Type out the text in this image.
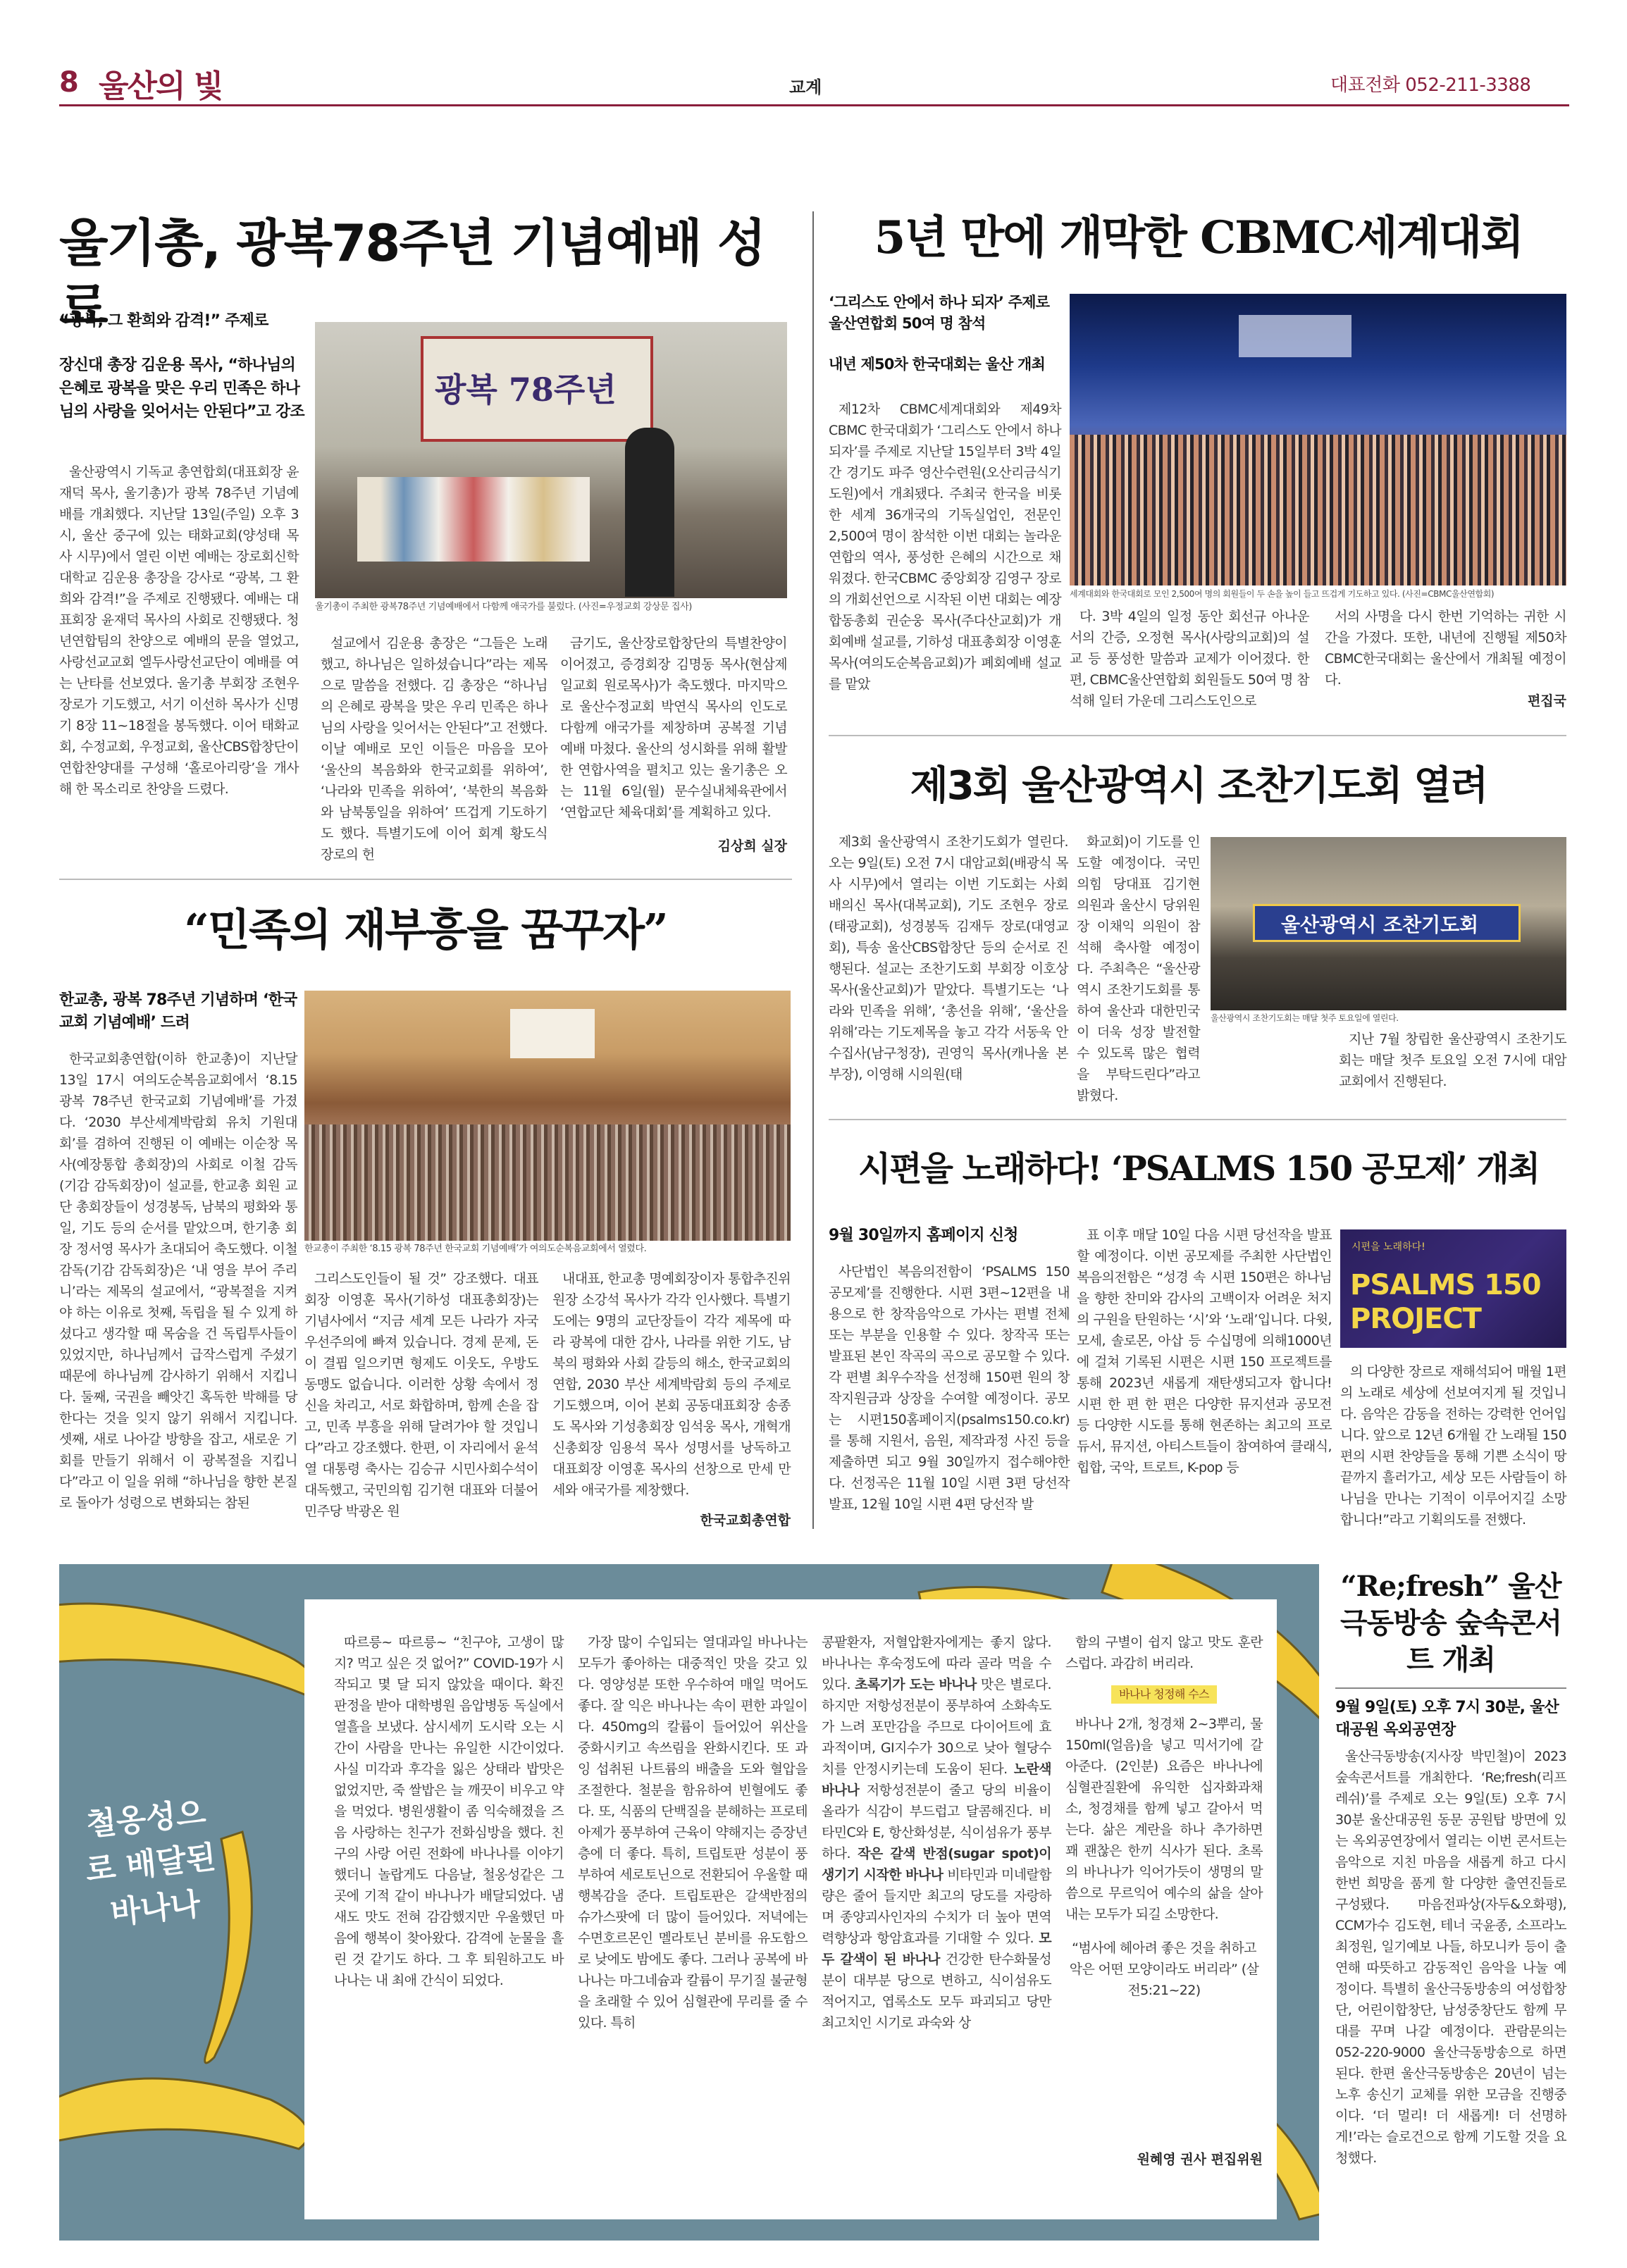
8 울산의 빛	교계	대표전화 052-211-3388
울기총, 광복78주년 기념예배 성료
“광복, 그 환희와 감격!” 주제로
장신대 총장 김운용 목사, “하나님의 은혜로 광복을 맞은 우리 민족은 하나님의 사랑을 잊어서는 안된다”고 강조
광복 78주년
울기총이 주최한 광복78주년 기념예배에서 다함께 애국가를 불렀다. (사진=우정교회 강상문 집사)

울산광역시 기독교 총연합회(대표회장 윤재덕 목사, 울기총)가 광복 78주년 기념예배를 개최했다. 지난달 13일(주일) 오후 3시, 울산 중구에 있는 태화교회(양성태 목사 시무)에서 열린 이번 예배는 장로회신학대학교 김운용 총장을 강사로 “광복, 그 환희와 감격!”을 주제로 진행됐다. 예배는 대표회장 윤재덕 목사의 사회로 진행됐다. 청년연합팀의 찬양으로 예배의 문을 열었고, 사랑선교교회 엘두사랑선교단이 예배를 여는 난타를 선보였다. 울기총 부회장 조현우 장로가 기도했고, 서기 이선하 목사가 신명기 8장 11~18절을 봉독했다. 이어 태화교회, 수정교회, 우정교회, 울산CBS합창단이 연합찬양대를 구성해 ‘홀로아리랑’을 개사해 한 목소리로 찬양을 드렸다.

설교에서 김운용 총장은 “그들은 노래했고, 하나님은 일하셨습니다”라는 제목으로 말씀을 전했다. 김 총장은 “하나님의 은혜로 광복을 맞은 우리 민족은 하나님의 사랑을 잊어서는 안된다”고 전했다. 이날 예배로 모인 이들은 마음을 모아 ‘울산의 복음화와 한국교회를 위하여’, ‘나라와 민족을 위하여’, ‘북한의 복음화와 남북통일을 위하여’ 뜨겁게 기도하기도 했다. 특별기도에 이어 회계 황도식 장로의 헌

금기도, 울산장로합창단의 특별찬양이 이어졌고, 증경회장 김명동 목사(현삼제일교회 원로목사)가 축도했다. 마지막으로 울산수정교회 박연식 목사의 인도로 다함께 애국가를 제창하며 공복절 기념예배 마쳤다. 울산의 성시화를 위해 활발한 연합사역을 펼치고 있는 울기총은 오는 11월 6일(월) 문수실내체육관에서 ‘연합교단 체육대회’를 계획하고 있다.

김상희 실장
“민족의 재부흥을 꿈꾸자”
한교총, 광복 78주년 기념하며 ‘한국교회 기념예배’ 드려
한교총이 주최한 ‘8.15 광복 78주년 한국교회 기념예배’가 여의도순복음교회에서 열렸다.

한국교회총연합(이하 한교총)이 지난달 13일 17시 여의도순복음교회에서 ‘8.15 광복 78주년 한국교회 기념예배’를 가졌다. ‘2030 부산세계박람회 유치 기원대회’를 겸하여 진행된 이 예배는 이순창 목사(예장통합 총회장)의 사회로 이철 감독(기감 감독회장)이 설교를, 한교총 회원 교단 총회장들이 성경봉독, 남북의 평화와 통일, 기도 등의 순서를 맡았으며, 한기총 회장 정서영 목사가 초대되어 축도했다. 이철 감독(기감 감독회장)은 ‘내 영을 부어 주리니’라는 제목의 설교에서, “광복절을 지켜야 하는 이유로 첫째, 독립을 될 수 있게 하셨다고 생각할 때 목숨을 건 독립투사들이 있었지만, 하나님께서 급작스럽게 주셨기 때문에 하나님께 감사하기 위해서 지킵니다. 둘째, 국권을 빼앗긴 혹독한 박해를 당한다는 것을 잊지 않기 위해서 지킵니다. 셋째, 새로 나아갈 방향을 잡고, 새로운 기회를 만들기 위해서 이 광복절을 지킵니다”라고 이 일을 위해 “하나님을 향한 본질로 돌아가 성령으로 변화되는 참된

그리스도인들이 될 것” 강조했다. 대표회장 이영훈 목사(기하성 대표총회장)는 기념사에서 “지금 세계 모든 나라가 자국 우선주의에 빠져 있습니다. 경제 문제, 돈이 결핍 일으키면 형제도 이웃도, 우방도 동맹도 없습니다. 이러한 상황 속에서 정신을 차리고, 서로 화합하며, 함께 손을 잡고, 민족 부흥을 위해 달려가야 할 것입니다”라고 강조했다. 한편, 이 자리에서 윤석열 대통령 축사는 김승규 시민사회수석이 대독했고, 국민의힘 김기현 대표와 더불어민주당 박광온 원

내대표, 한교총 명예회장이자 통합추진위원장 소강석 목사가 각각 인사했다. 특별기도에는 9명의 교단장들이 각각 제목에 따라 광복에 대한 감사, 나라를 위한 기도, 남북의 평화와 사회 갈등의 해소, 한국교회의 연합, 2030 부산 세계박람회 등의 주제로 기도했으며, 이어 본회 공동대표회장 송종도 목사와 기성총회장 임석웅 목사, 개혁개신총회장 임용석 목사 성명서를 낭독하고 대표회장 이영훈 목사의 선창으로 만세 만세와 애국가를 제창했다.

한국교회총연합
5년 만에 개막한 CBMC세계대회
‘그리스도 안에서 하나 되자’ 주제로 울산연합회 50여 명 참석
내년 제50차 한국대회는 울산 개최
세계대회와 한국대회로 모인 2,500여 명의 회원들이 두 손을 높이 들고 뜨겁게 기도하고 있다. (사진=CBMC울산연합회)

제12차 CBMC세계대회와 제49차 CBMC 한국대회가 ‘그리스도 안에서 하나 되자’를 주제로 지난달 15일부터 3박 4일간 경기도 파주 영산수련원(오산리금식기도원)에서 개최됐다. 주최국 한국을 비롯한 세계 36개국의 기독실업인, 전문인 2,500여 명이 참석한 이번 대회는 놀라운 연합의 역사, 풍성한 은혜의 시간으로 채워졌다. 한국CBMC 중앙회장 김영구 장로의 개회선언으로 시작된 이번 대회는 예장합동총회 권순웅 목사(주다산교회)가 개회예배 설교를, 기하성 대표총회장 이영훈 목사(여의도순복음교회)가 폐회예배 설교를 맡았

다. 3박 4일의 일정 동안 회선규 아나운서의 간증, 오정현 목사(사랑의교회)의 설교 등 풍성한 말씀과 교제가 이어졌다. 한편, CBMC울산연합회 회원들도 50여 명 참석해 일터 가운데 그리스도인으로

서의 사명을 다시 한번 기억하는 귀한 시간을 가졌다. 또한, 내년에 진행될 제50차 CBMC한국대회는 울산에서 개최될 예정이다.

편집국
제3회 울산광역시 조찬기도회 열려

제3회 울산광역시 조찬기도회가 열린다. 오는 9일(토) 오전 7시 대암교회(배광식 목사 시무)에서 열리는 이번 기도회는 사회 배의신 목사(대복교회), 기도 조현우 장로(태광교회), 성경봉독 김재두 장로(대영교회), 특송 울산CBS합창단 등의 순서로 진행된다. 설교는 조찬기도회 부회장 이호상 목사(울산교회)가 맡았다. 특별기도는 ‘나라와 민족을 위해’, ‘총선을 위해’, ‘울산을 위해’라는 기도제목을 놓고 각각 서동욱 안수집사(남구청장), 권영익 목사(캐나울 본부장), 이영해 시의원(태

화교회)이 기도를 인도할 예정이다. 국민의힘 당대표 김기현 의원과 울산시 당위원장 이채익 의원이 참석해 축사할 예정이다. 주최측은 “울산광역시 조찬기도회를 통하여 울산과 대한민국이 더욱 성장 발전할 수 있도록 많은 협력을 부탁드린다”라고 밝혔다.

울산광역시 조찬기도회
울산광역시 조찬기도회는 매달 첫주 토요일에 열린다.

지난 7월 창립한 울산광역시 조찬기도회는 매달 첫주 토요일 오전 7시에 대암교회에서 진행된다.

시편을 노래하다! ‘PSALMS 150 공모제’ 개최
9월 30일까지 홈페이지 신청

사단법인 복음의전함이 ‘PSALMS 150 공모제’를 진행한다. 시편 3편~12편을 내용으로 한 창작음악으로 가사는 편별 전체 또는 부분을 인용할 수 있다. 창작곡 또는 발표된 본인 작곡의 곡으로 공모할 수 있다. 각 편별 최우수작을 선정해 150편 원의 창작지원금과 상장을 수여할 예정이다. 공모는 시편150홈페이지(psalms150.co.kr)를 통해 지원서, 음원, 제작과정 사진 등을 제출하면 되고 9월 30일까지 접수해야한다. 선정곡은 11월 10일 시편 3편 당선작 발표, 12월 10일 시편 4편 당선작 발

표 이후 매달 10일 다음 시편 당선작을 발표할 예정이다. 이번 공모제를 주최한 사단법인 복음의전함은 “성경 속 시편 150편은 하나님을 향한 찬미와 감사의 고백이자 어려운 처지의 구원을 탄원하는 ‘시’와 ‘노래’입니다. 다윗, 모세, 솔로몬, 아삽 등 수십명에 의해1000년에 걸쳐 기록된 시편은 시편 150 프로젝트를 통해 2023년 새롭게 재탄생되고자 합니다! 시편 한 편 한 편은 다양한 뮤지션과 공모전 등 다양한 시도를 통해 현존하는 최고의 프로듀서, 뮤지션, 아티스트들이 참여하여 클래식, 힙합, 국악, 트로트, K-pop 등

시편을 노래하다!
PSALMS 150
PROJECT

의 다양한 장르로 재해석되어 매월 1편의 노래로 세상에 선보여지게 될 것입니다. 음악은 감동을 전하는 강력한 언어입니다. 앞으로 12년 6개월 간 노래될 150편의 시편 찬양들을 통해 기쁜 소식이 땅끝까지 흘러가고, 세상 모든 사람들이 하나님을 만나는 기적이 이루어지길 소망합니다!”라고 기획의도를 전했다.

철옹성으로 배달된 바나나

따르릉~ 따르릉~ “친구야, 고생이 많지? 먹고 싶은 것 없어?” COVID-19가 시작되고 몇 달 되지 않았을 때이다. 확진 판정을 받아 대학병원 음압병동 독실에서 열흘을 보냈다. 삼시세끼 도시락 오는 시간이 사람을 만나는 유일한 시간이었다. 사실 미각과 후각을 잃은 상태라 밥맛은 없었지만, 죽 쌀밥은 늘 깨끗이 비우고 약을 먹었다. 병원생활이 좀 익숙해졌을 즈음 사랑하는 친구가 전화심방을 했다. 친구의 사랑 어린 전화에 바나나를 이야기했더니 놀랍게도 다음날, 철옹성같은 그곳에 기적 같이 바나나가 배달되었다. 냄새도 맛도 전혀 감감했지만 우울했던 마음에 행복이 찾아왔다. 감격에 눈물을 흘린 것 같기도 하다. 그 후 퇴원하고도 바나나는 내 최애 간식이 되었다.

가장 많이 수입되는 열대과일 바나나는 모두가 좋아하는 대중적인 맛을 갖고 있다. 영양성분 또한 우수하여 매일 먹어도 좋다. 잘 익은 바나나는 속이 편한 과일이다. 450mg의 칼륨이 들어있어 위산을 중화시키고 속쓰림을 완화시킨다. 또 과잉 섭취된 나트륨의 배출을 도와 혈압을 조절한다. 철분을 함유하여 빈혈에도 좋다. 또, 식품의 단백질을 분해하는 프로테아제가 풍부하여 근육이 약해지는 증장년층에 더 좋다. 특히, 트립토판 성분이 풍부하여 세로토닌으로 전환되어 우울할 때 행복감을 준다. 트립토판은 갈색반점의 슈가스팟에 더 많이 들어있다. 저녁에는 수면호르몬인 멜라토닌 분비를 유도함으로 낮에도 밤에도 좋다. 그러나 공복에 바나나는 마그네슘과 칼륨이 무기질 불균형을 초래할 수 있어 심혈관에 무리를 줄 수 있다. 특히

콩팥환자, 저혈압환자에게는 좋지 않다. 바나나는 후숙정도에 따라 골라 먹을 수 있다. 초록기가 도는 바나나 맛은 별로다. 하지만 저항성전분이 풍부하여 소화속도가 느려 포만감을 주므로 다이어트에 효과적이며, GI지수가 30으로 낮아 혈당수치를 안정시키는데 도움이 된다. 노란색 바나나 저항성전분이 줄고 당의 비율이 올라가 식감이 부드럽고 달콤해진다. 비타민C와 E, 항산화성분, 식이섬유가 풍부하다. 작은 갈색 반점(sugar spot)이 생기기 시작한 바나나 비타민과 미네랄함량은 줄어 들지만 최고의 당도를 자랑하며 종양괴사인자의 수치가 더 높아 면역력향상과 항암효과를 기대할 수 있다. 모두 갈색이 된 바나나 건강한 탄수화물성분이 대부분 당으로 변하고, 식이섬유도 적어지고, 엽록소도 모두 파괴되고 당만 최고치인 시기로 과숙와 상

함의 구별이 쉽지 않고 맛도 훈란스럽다. 과감히 버리라.

바나나 청정해 수스

바나나 2개, 청경채 2~3뿌리, 물 150ml(얼음)을 넣고 믹서기에 갈아준다. (2인분) 요즘은 바나나에 심혈관질환에 유익한 십자화과채소, 청경채를 함께 넣고 갈아서 먹는다. 삶은 계란을 하나 추가하면 꽤 괜찮은 한끼 식사가 된다. 초록의 바나나가 익어가듯이 생명의 말씀으로 무르익어 예수의 삶을 살아내는 모두가 되길 소망한다.

“범사에 헤아려 좋은 것을 취하고 악은 어떤 모양이라도 버리라” (살전5:21~22)

원혜영 권사 편집위원
“Re;fresh” 울산극동방송 숲속콘서트 개최
9월 9일(토) 오후 7시 30분, 울산대공원 옥외공연장

울산극동방송(지사장 박민철)이 2023 숲속콘서트를 개최한다. ‘Re;fresh(리프레쉬)’를 주제로 오는 9일(토) 오후 7시 30분 울산대공원 동문 공원탑 방면에 있는 옥외공연장에서 열리는 이번 콘서트는 음악으로 지친 마음을 새롭게 하고 다시 한번 희망을 품게 할 다양한 출연진들로 구성됐다. 마음전파상(자두&오화평), CCM가수 김도현, 테너 국윤종, 소프라노 최정원, 일기예보 나들, 하모니카 등이 출연해 따뜻하고 감동적인 음악을 나눌 예정이다. 특별히 울산극동방송의 여성합창단, 어린이합창단, 남성중창단도 함께 무대를 꾸며 나갈 예정이다. 관람문의는 052-220-9000 울산극동방송으로 하면 된다. 한편 울산극동방송은 20년이 넘는 노후 송신기 교체를 위한 모금을 진행중이다. ‘더 멀리! 더 새롭게! 더 선명하게!’라는 슬로건으로 함께 기도할 것을 요청했다.
